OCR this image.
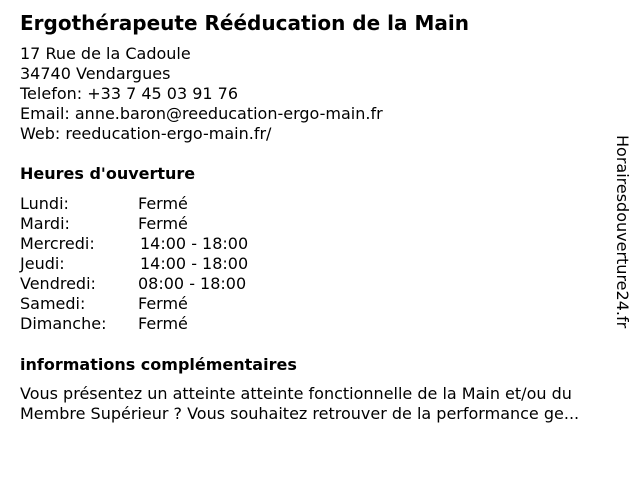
Ergothérapeute Rééducation de la Main
17 Rue de la Cadoule
34740 Vendargues
Telefon: +33 7 45 03 91 76
Email: anne.baron@reeducation-ergo-main.fr
Web: reeducation-ergo-main.fr/
Heures d'ouverture
Lundi:	Fermé
Mardi:	Fermé
Mercredi:	14:00 - 18:00
Jeudi:	14:00 - 18:00
Vendredi:	08:00 - 18:00
Samedi:	Fermé
Dimanche:	Fermé
informations complémentaires
Vous présentez un atteinte atteinte fonctionnelle de la Main et/ou du Membre Supérieur ? Vous souhaitez retrouver de la performance ge...
Horairesdouverture24.fr
